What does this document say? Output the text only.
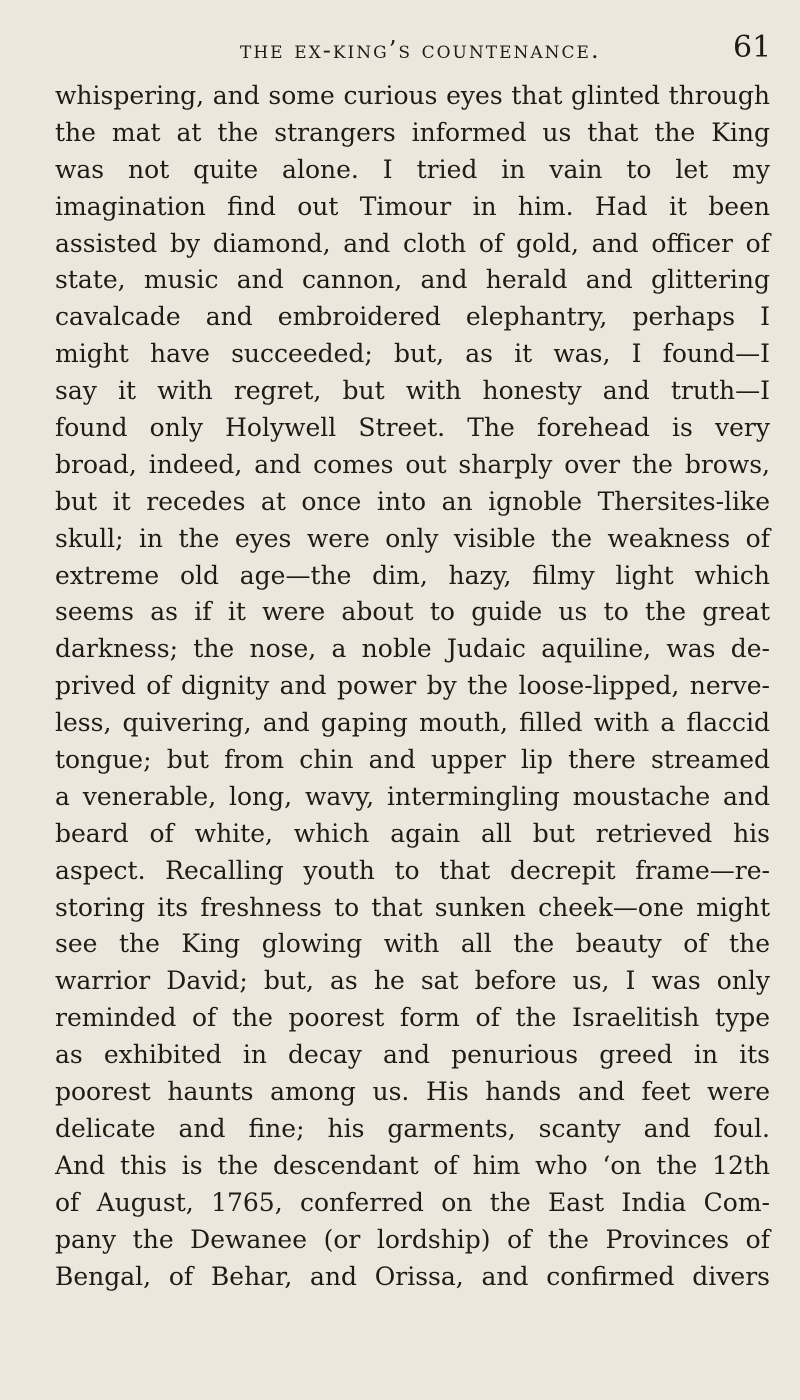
the ex-king’s countenance.	61
whispering, and some curious eyes that glinted through
the mat at the strangers informed us that the King
was not quite alone. I tried in vain to let my
imagination find out Timour in him. Had it been
assisted by diamond, and cloth of gold, and officer of
state, music and cannon, and herald and glittering
cavalcade and embroidered elephantry, perhaps I
might have succeeded; but, as it was, I found—I
say it with regret, but with honesty and truth—I
found only Holywell Street. The forehead is very
broad, indeed, and comes out sharply over the brows,
but it recedes at once into an ignoble Thersites-like
skull; in the eyes were only visible the weakness of
extreme old age—the dim, hazy, filmy light which
seems as if it were about to guide us to the great
darkness; the nose, a noble Judaic aquiline, was de-
prived of dignity and power by the loose-lipped, nerve-
less, quivering, and gaping mouth, filled with a flaccid
tongue; but from chin and upper lip there streamed
a venerable, long, wavy, intermingling moustache and
beard of white, which again all but retrieved his
aspect. Recalling youth to that decrepit frame—re-
storing its freshness to that sunken cheek—one might
see the King glowing with all the beauty of the
warrior David; but, as he sat before us, I was only
reminded of the poorest form of the Israelitish type
as exhibited in decay and penurious greed in its
poorest haunts among us. His hands and feet were
delicate and fine; his garments, scanty and foul.
And this is the descendant of him who ‘on the 12th
of August, 1765, conferred on the East India Com-
pany the Dewanee (or lordship) of the Provinces of
Bengal, of Behar, and Orissa, and confirmed divers
